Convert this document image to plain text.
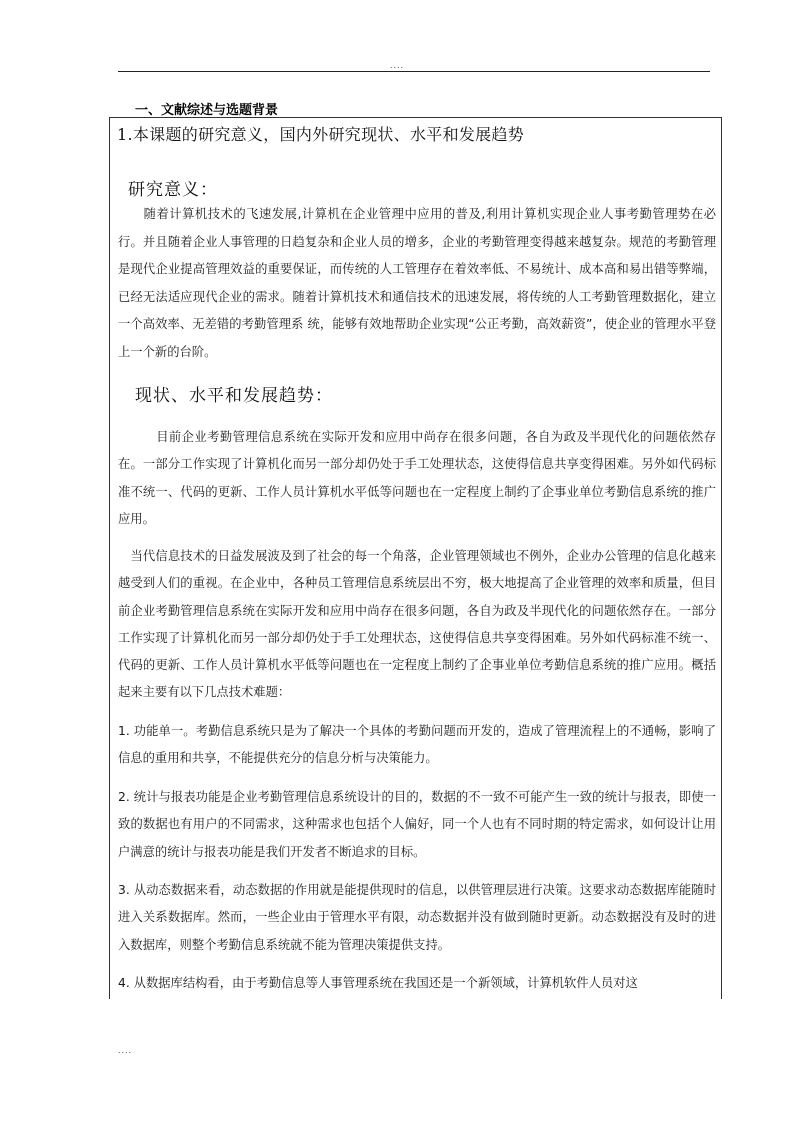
....
一、文献综述与选题背景
1.本课题的研究意义，国内外研究现状、水平和发展趋势
研究意义：

　　随着计算机技术的飞速发展,计算机在企业管理中应用的普及,利用计算机实现企业人事考勤管理势在必行。并且随着企业人事管理的日趋复杂和企业人员的增多，企业的考勤管理变得越来越复杂。规范的考勤管理是现代企业提高管理效益的重要保证，而传统的人工管理存在着效率低、不易统计、成本高和易出错等弊端，已经无法适应现代企业的需求。随着计算机技术和通信技术的迅速发展，将传统的人工考勤管理数据化，建立一个高效率、无差错的考勤管理系 统，能够有效地帮助企业实现“公正考勤，高效薪资”，使企业的管理水平登上一个新的台阶。

现状、水平和发展趋势：

　　　目前企业考勤管理信息系统在实际开发和应用中尚存在很多问题，各自为政及半现代化的问题依然存在。一部分工作实现了计算机化而另一部分却仍处于手工处理状态，这使得信息共享变得困难。另外如代码标准不统一、代码的更新、工作人员计算机水平低等问题也在一定程度上制约了企事业单位考勤信息系统的推广应用。

　当代信息技术的日益发展波及到了社会的每一个角落，企业管理领域也不例外，企业办公管理的信息化越来越受到人们的重视。在企业中，各种员工管理信息系统层出不穷，极大地提高了企业管理的效率和质量，但目前企业考勤管理信息系统在实际开发和应用中尚存在很多问题，各自为政及半现代化的问题依然存在。一部分工作实现了计算机化而另一部分却仍处于手工处理状态，这使得信息共享变得困难。另外如代码标准不统一、代码的更新、工作人员计算机水平低等问题也在一定程度上制约了企事业单位考勤信息系统的推广应用。概括起来主要有以下几点技术难题：

1. 功能单一。考勤信息系统只是为了解决一个具体的考勤问题而开发的，造成了管理流程上的不通畅，影响了信息的重用和共享，不能提供充分的信息分析与决策能力。

2. 统计与报表功能是企业考勤管理信息系统设计的目的，数据的不一致不可能产生一致的统计与报表，即使一致的数据也有用户的不同需求，这种需求也包括个人偏好，同一个人也有不同时期的特定需求，如何设计让用户满意的统计与报表功能是我们开发者不断追求的目标。

3. 从动态数据来看，动态数据的作用就是能提供现时的信息，以供管理层进行决策。这要求动态数据库能随时进入关系数据库。然而，一些企业由于管理水平有限，动态数据并没有做到随时更新。动态数据没有及时的进入数据库，则整个考勤信息系统就不能为管理决策提供支持。

4. 从数据库结构看，由于考勤信息等人事管理系统在我国还是一个新领域，计算机软件人员对这

....
